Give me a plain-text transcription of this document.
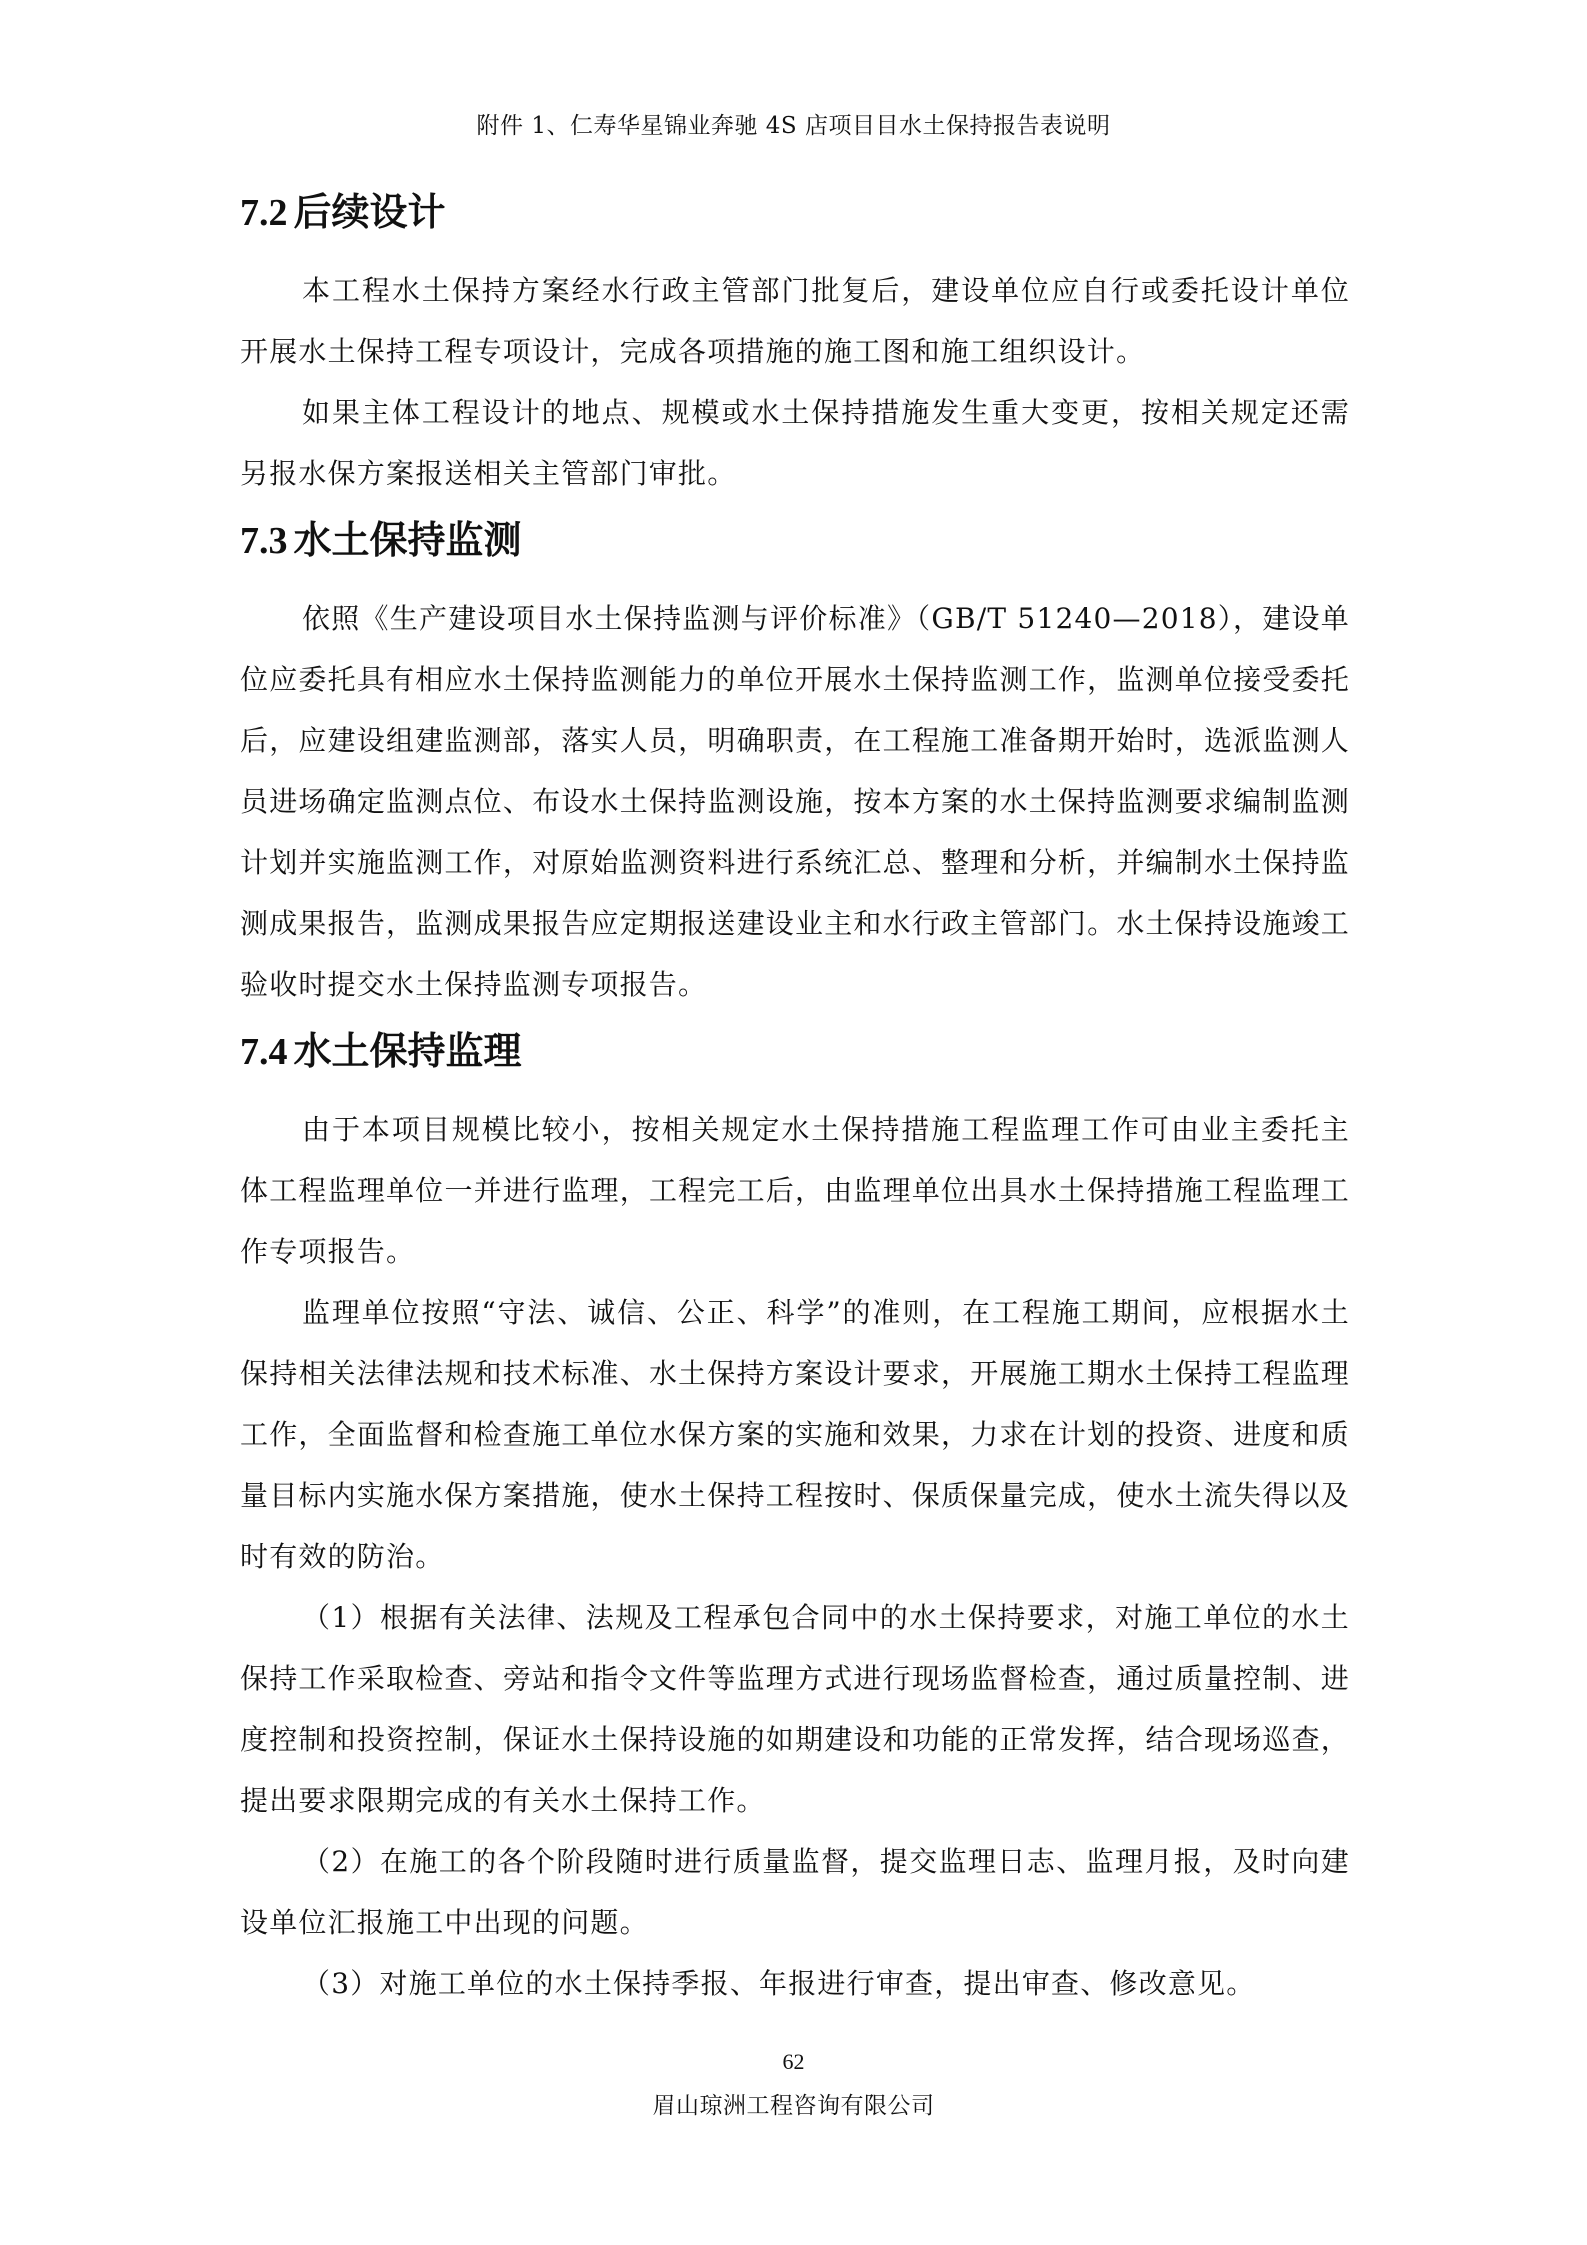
附件 1、仁寿华星锦业奔驰 4S 店项目目水土保持报告表说明
7.2 后续设计

本工程水土保持方案经水行政主管部门批复后，建设单位应自行或委托设计单位开展水土保持工程专项设计，完成各项措施的施工图和施工组织设计。

如果主体工程设计的地点、规模或水土保持措施发生重大变更，按相关规定还需另报水保方案报送相关主管部门审批。

7.3 水土保持监测

依照《生产建设项目水土保持监测与评价标准》（GB/T 51240—2018），建设单位应委托具有相应水土保持监测能力的单位开展水土保持监测工作，监测单位接受委托后，应建设组建监测部，落实人员，明确职责，在工程施工准备期开始时，选派监测人员进场确定监测点位、布设水土保持监测设施，按本方案的水土保持监测要求编制监测计划并实施监测工作，对原始监测资料进行系统汇总、整理和分析，并编制水土保持监测成果报告，监测成果报告应定期报送建设业主和水行政主管部门。水土保持设施竣工验收时提交水土保持监测专项报告。

7.4 水土保持监理

由于本项目规模比较小，按相关规定水土保持措施工程监理工作可由业主委托主体工程监理单位一并进行监理，工程完工后，由监理单位出具水土保持措施工程监理工作专项报告。

监理单位按照“守法、诚信、公正、科学”的准则，在工程施工期间，应根据水土保持相关法律法规和技术标准、水土保持方案设计要求，开展施工期水土保持工程监理工作，全面监督和检查施工单位水保方案的实施和效果，力求在计划的投资、进度和质量目标内实施水保方案措施，使水土保持工程按时、保质保量完成，使水土流失得以及时有效的防治。

（1）根据有关法律、法规及工程承包合同中的水土保持要求，对施工单位的水土保持工作采取检查、旁站和指令文件等监理方式进行现场监督检查，通过质量控制、进度控制和投资控制，保证水土保持设施的如期建设和功能的正常发挥，结合现场巡查，提出要求限期完成的有关水土保持工作。

（2）在施工的各个阶段随时进行质量监督，提交监理日志、监理月报，及时向建设单位汇报施工中出现的问题。

（3）对施工单位的水土保持季报、年报进行审查，提出审查、修改意见。

62
眉山琼洲工程咨询有限公司
